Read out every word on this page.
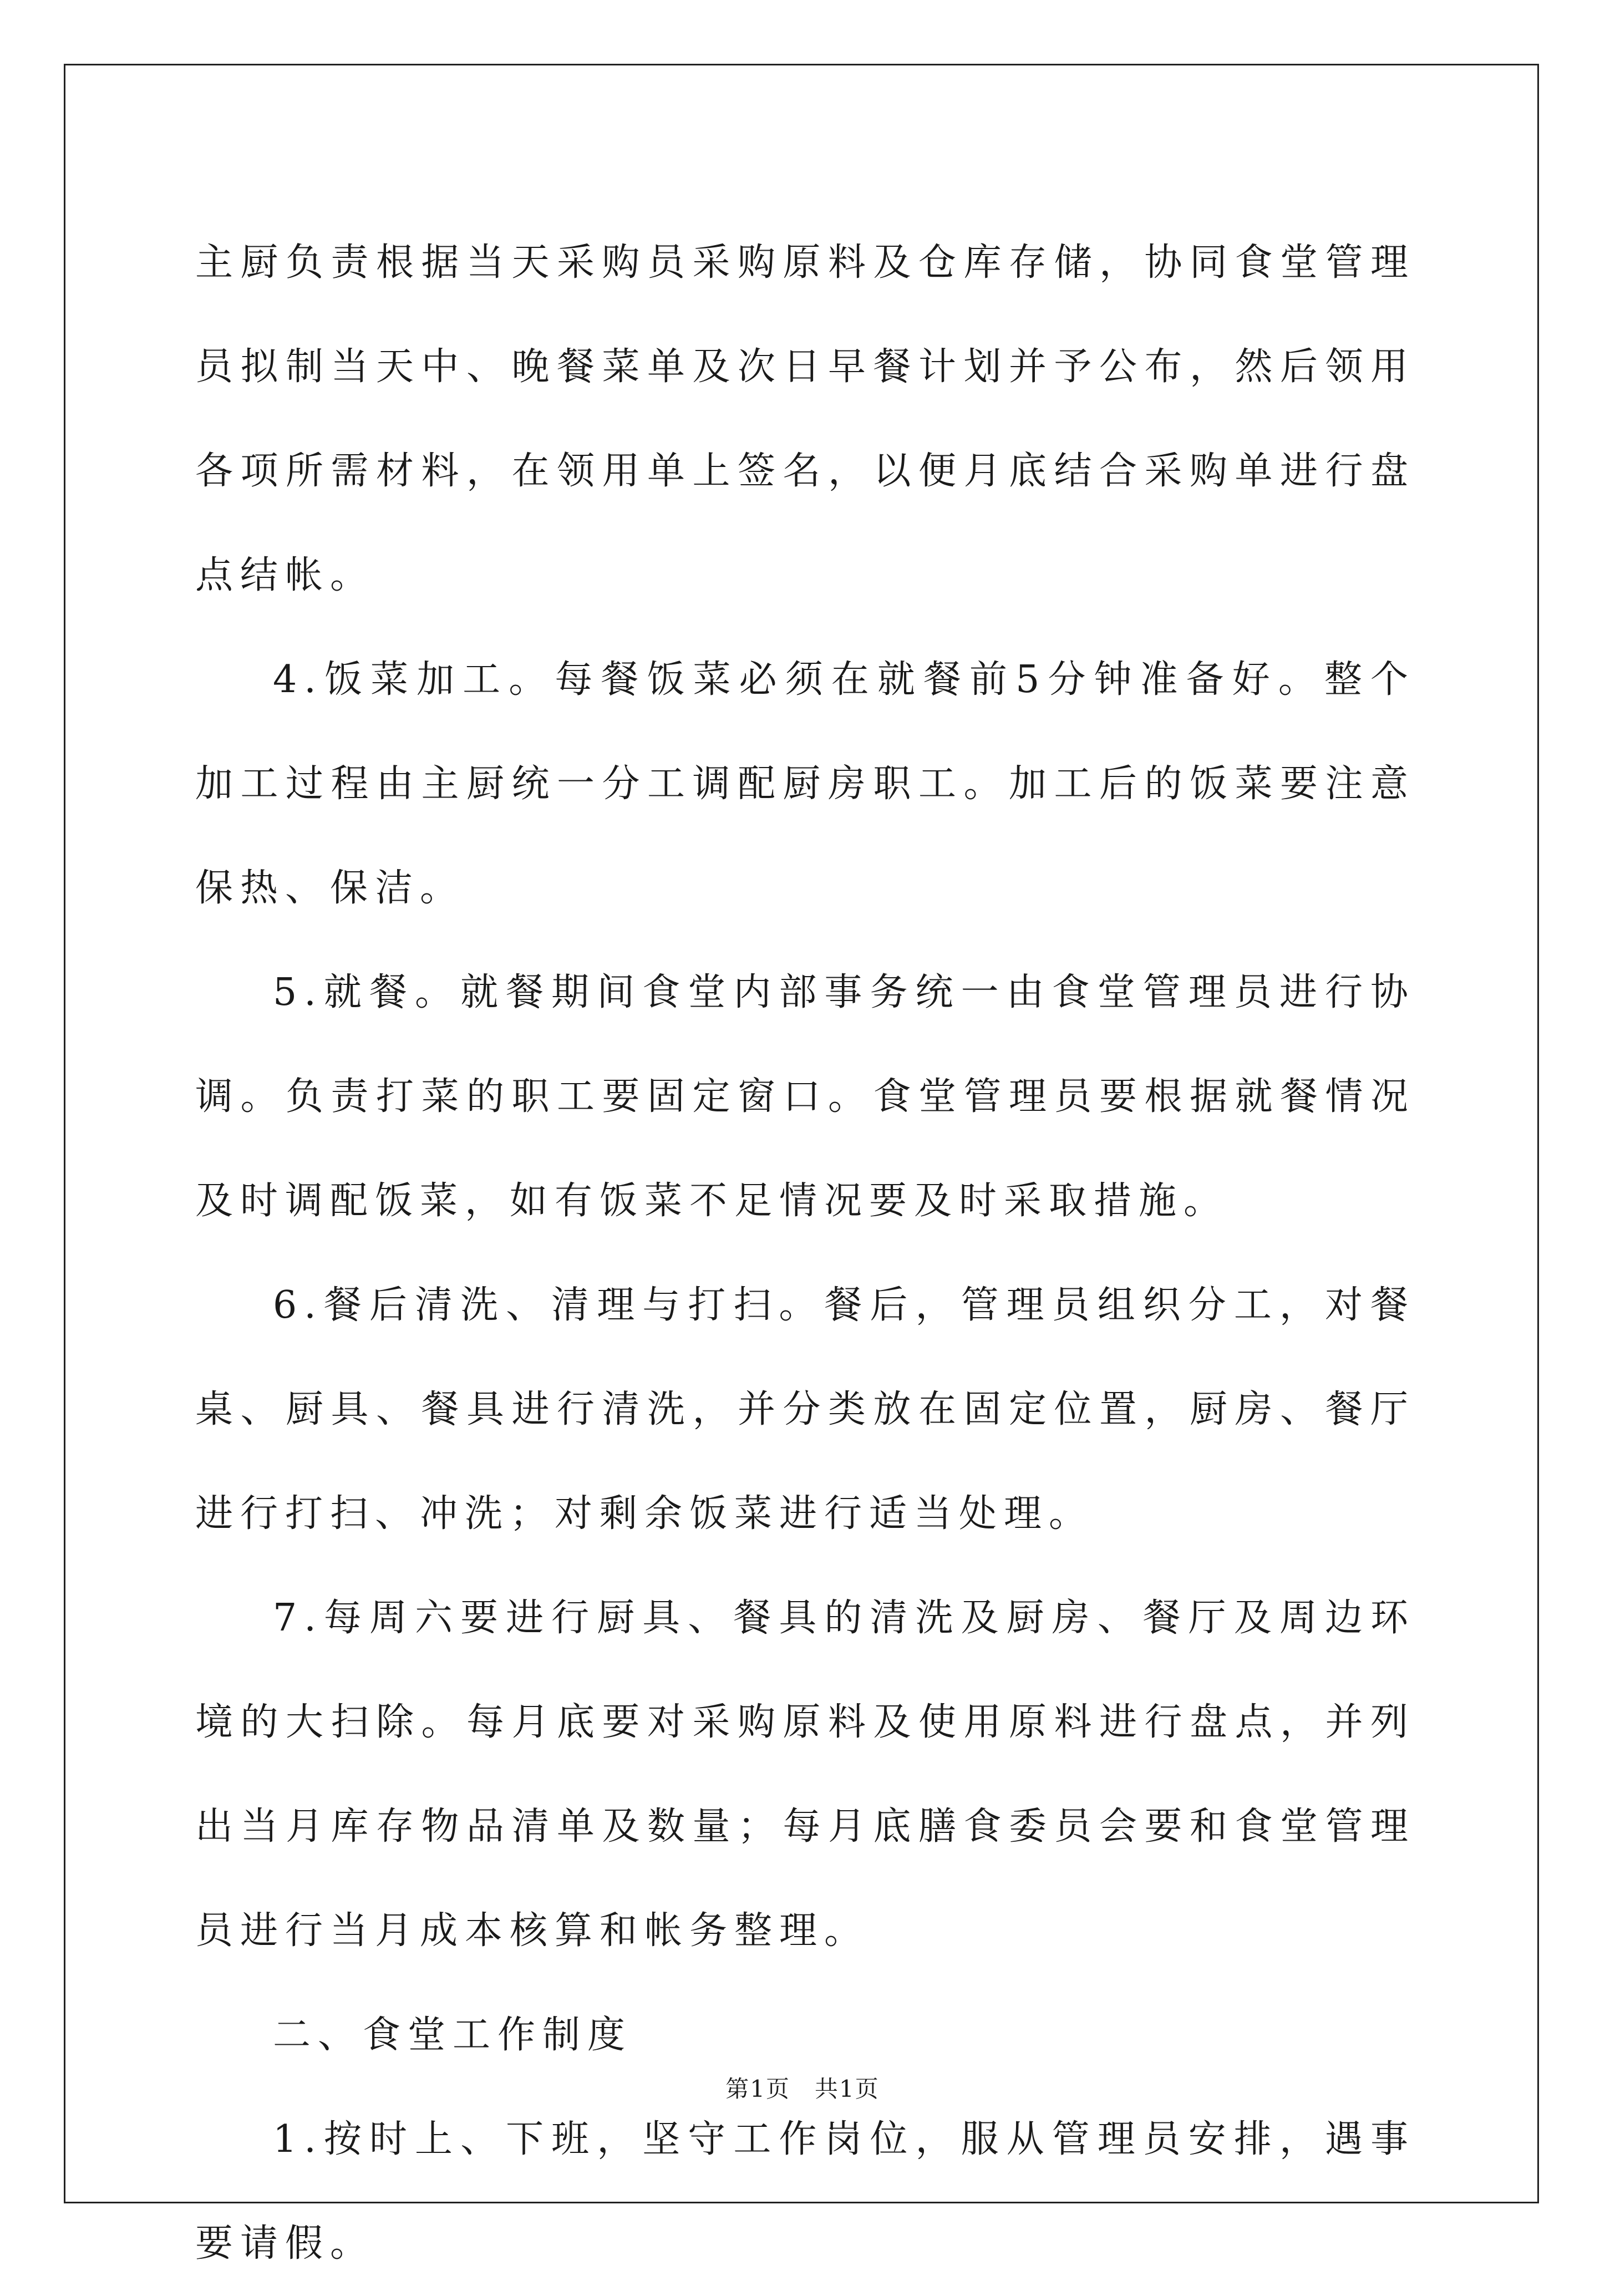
主厨负责根据当天采购员采购原料及仓库存储，协同食堂管理员拟制当天中、晚餐菜单及次日早餐计划并予公布，然后领用各项所需材料，在领用单上签名，以便月底结合采购单进行盘点结帐。

4.饭菜加工。每餐饭菜必须在就餐前5分钟准备好。整个加工过程由主厨统一分工调配厨房职工。加工后的饭菜要注意保热、保洁。

5.就餐。就餐期间食堂内部事务统一由食堂管理员进行协调。负责打菜的职工要固定窗口。食堂管理员要根据就餐情况及时调配饭菜，如有饭菜不足情况要及时采取措施。

6.餐后清洗、清理与打扫。餐后，管理员组织分工，对餐桌、厨具、餐具进行清洗，并分类放在固定位置，厨房、餐厅进行打扫、冲洗；对剩余饭菜进行适当处理。

7.每周六要进行厨具、餐具的清洗及厨房、餐厅及周边环境的大扫除。每月底要对采购原料及使用原料进行盘点，并列出当月库存物品清单及数量；每月底膳食委员会要和食堂管理员进行当月成本核算和帐务整理。

二、食堂工作制度

1.按时上、下班，坚守工作岗位，服从管理员安排，遇事要请假。

第1页 共1页
